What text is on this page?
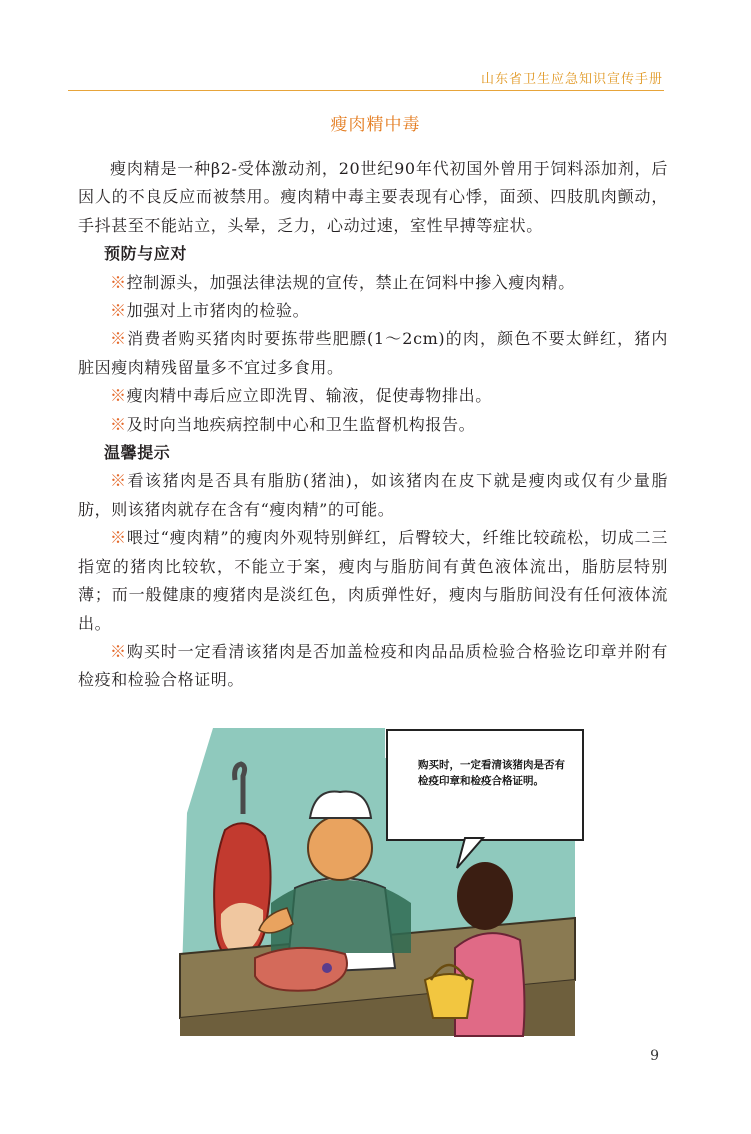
山东省卫生应急知识宣传手册
瘦肉精中毒

瘦肉精是一种β2-受体激动剂，20世纪90年代初国外曾用于饲料添加剂，后因人的不良反应而被禁用。瘦肉精中毒主要表现有心悸，面颈、四肢肌肉颤动，手抖甚至不能站立，头晕，乏力，心动过速，室性早搏等症状。

预防与应对

※控制源头，加强法律法规的宣传，禁止在饲料中掺入瘦肉精。

※加强对上市猪肉的检验。

※消费者购买猪肉时要拣带些肥膘(1～2cm)的肉，颜色不要太鲜红，猪内脏因瘦肉精残留量多不宜过多食用。

※瘦肉精中毒后应立即洗胃、输液，促使毒物排出。

※及时向当地疾病控制中心和卫生监督机构报告。

温馨提示

※看该猪肉是否具有脂肪(猪油)，如该猪肉在皮下就是瘦肉或仅有少量脂肪，则该猪肉就存在含有“瘦肉精”的可能。

※喂过“瘦肉精”的瘦肉外观特别鲜红，后臀较大，纤维比较疏松，切成二三指宽的猪肉比较软，不能立于案，瘦肉与脂肪间有黄色液体流出，脂肪层特别薄；而一般健康的瘦猪肉是淡红色，肉质弹性好，瘦肉与脂肪间没有任何液体流出。

※购买时一定看清该猪肉是否加盖检疫和肉品品质检验合格验讫印章并附有检疫和检验合格证明。

购买时，一定看清该猪肉是否有检疫印章和检疫合格证明。
9
